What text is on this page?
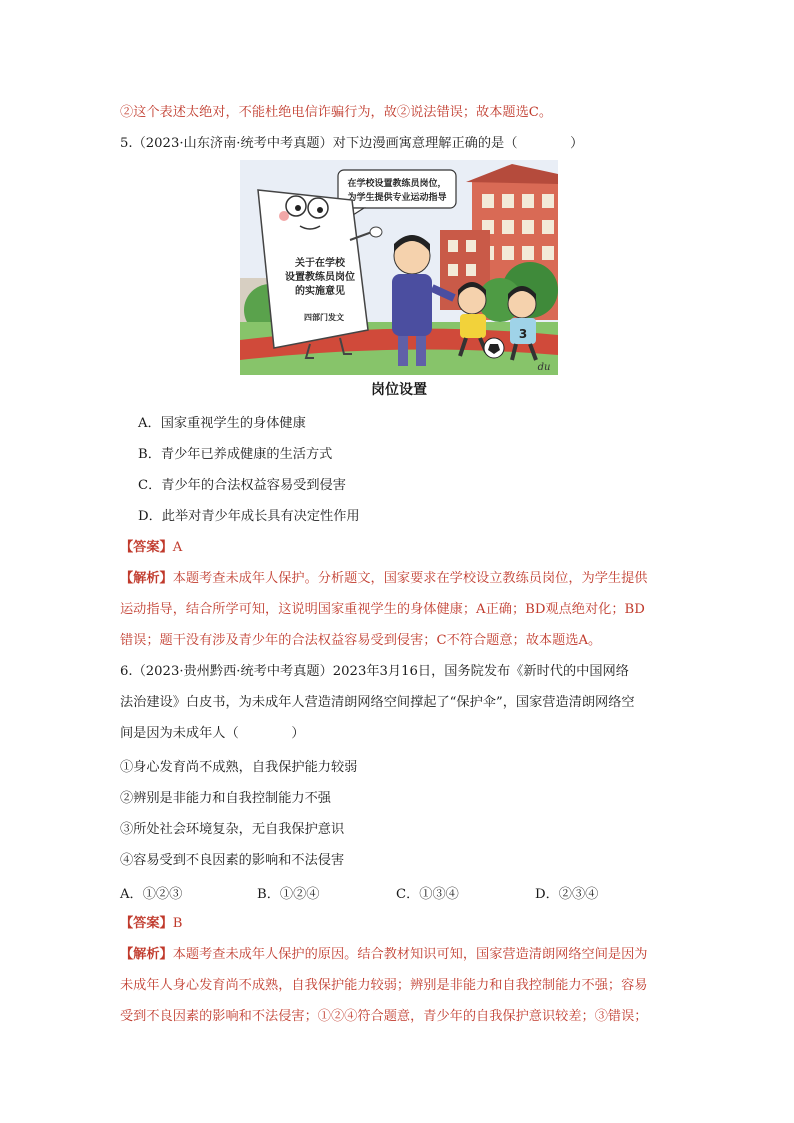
②这个表述太绝对，不能杜绝电信诈骗行为，故②说法错误；故本题选C。
5.（2023·山东济南·统考中考真题）对下边漫画寓意理解正确的是（　　　　）
在学校设置教练员岗位，
为学生提供专业运动指导
关于在学校
设置教练员岗位
的实施意见
四部门发文
3
du
岗位设置
A．国家重视学生的身体健康
B．青少年已养成健康的生活方式
C．青少年的合法权益容易受到侵害
D．此举对青少年成长具有决定性作用
【答案】A
【解析】本题考查未成年人保护。分析题文，国家要求在学校设立教练员岗位，为学生提供
运动指导，结合所学可知，这说明国家重视学生的身体健康；A正确；BD观点绝对化；BD
错误；题干没有涉及青少年的合法权益容易受到侵害；C不符合题意；故本题选A。
6.（2023·贵州黔西·统考中考真题）2023年3月16日，国务院发布《新时代的中国网络
法治建设》白皮书，为未成年人营造清朗网络空间撑起了“保护伞”，国家营造清朗网络空
间是因为未成年人（　　　　）
①身心发育尚不成熟，自我保护能力较弱
②辨别是非能力和自我控制能力不强
③所处社会环境复杂，无自我保护意识
④容易受到不良因素的影响和不法侵害
A．①②③	B．①②④	C．①③④	D．②③④
【答案】B
【解析】本题考查未成年人保护的原因。结合教材知识可知，国家营造清朗网络空间是因为
未成年人身心发育尚不成熟，自我保护能力较弱；辨别是非能力和自我控制能力不强；容易
受到不良因素的影响和不法侵害；①②④符合题意，青少年的自我保护意识较差；③错误；
